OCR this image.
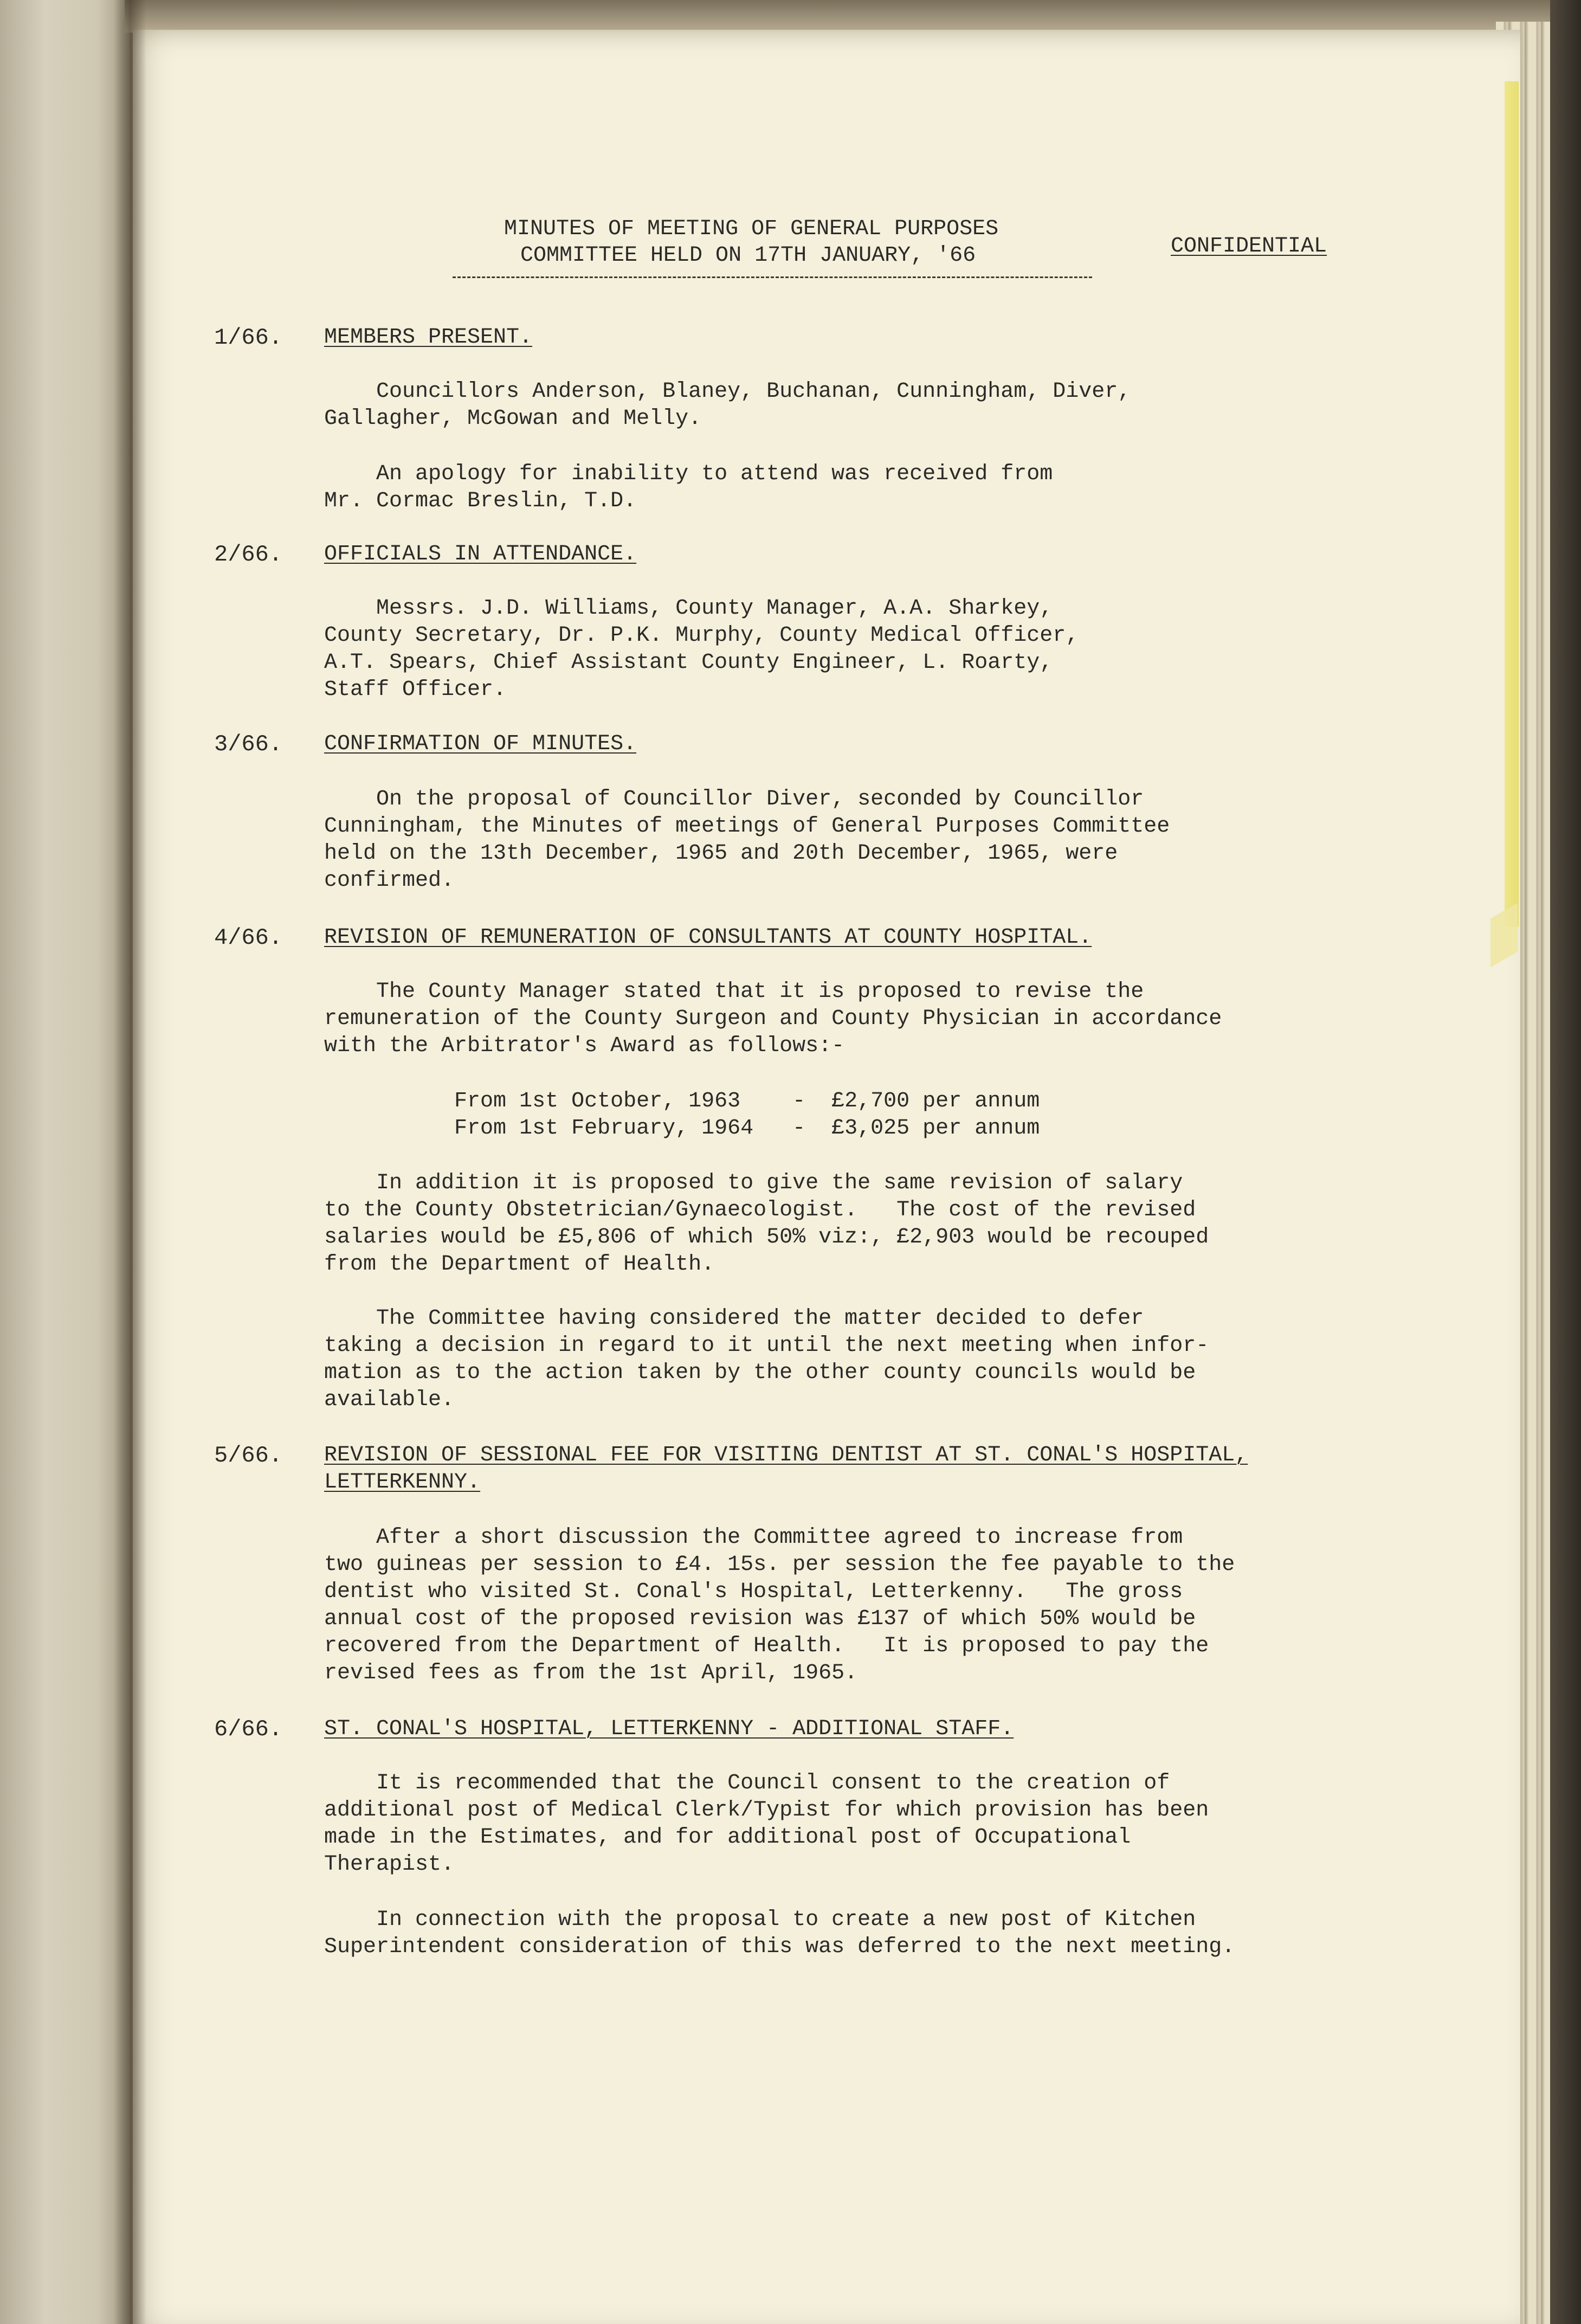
MINUTES OF MEETING OF GENERAL PURPOSES
COMMITTEE HELD ON 17TH JANUARY, '66	CONFIDENTIAL
1/66. MEMBERS PRESENT.
Councillors Anderson, Blaney, Buchanan, Cunningham, Diver,
Gallagher, McGowan and Melly.
An apology for inability to attend was received from
Mr. Cormac Breslin, T.D.
2/66. OFFICIALS IN ATTENDANCE.
Messrs. J.D. Williams, County Manager, A.A. Sharkey,
County Secretary, Dr. P.K. Murphy, County Medical Officer,
A.T. Spears, Chief Assistant County Engineer, L. Roarty,
Staff Officer.
3/66. CONFIRMATION OF MINUTES.
On the proposal of Councillor Diver, seconded by Councillor
Cunningham, the Minutes of meetings of General Purposes Committee
held on the 13th December, 1965 and 20th December, 1965, were
confirmed.
4/66. REVISION OF REMUNERATION OF CONSULTANTS AT COUNTY HOSPITAL.
The County Manager stated that it is proposed to revise the
remuneration of the County Surgeon and County Physician in accordance
with the Arbitrator's Award as follows:-
From 1st October, 1963    -  £2,700 per annum
From 1st February, 1964   -  £3,025 per annum
In addition it is proposed to give the same revision of salary
to the County Obstetrician/Gynaecologist.   The cost of the revised
salaries would be £5,806 of which 50% viz:, £2,903 would be recouped
from the Department of Health.
The Committee having considered the matter decided to defer
taking a decision in regard to it until the next meeting when infor-
mation as to the action taken by the other county councils would be
available.
5/66. REVISION OF SESSIONAL FEE FOR VISITING DENTIST AT ST. CONAL'S HOSPITAL,
LETTERKENNY.
After a short discussion the Committee agreed to increase from
two guineas per session to £4. 15s. per session the fee payable to the
dentist who visited St. Conal's Hospital, Letterkenny.   The gross
annual cost of the proposed revision was £137 of which 50% would be
recovered from the Department of Health.   It is proposed to pay the
revised fees as from the 1st April, 1965.
6/66. ST. CONAL'S HOSPITAL, LETTERKENNY - ADDITIONAL STAFF.
It is recommended that the Council consent to the creation of
additional post of Medical Clerk/Typist for which provision has been
made in the Estimates, and for additional post of Occupational
Therapist.
In connection with the proposal to create a new post of Kitchen
Superintendent consideration of this was deferred to the next meeting.
